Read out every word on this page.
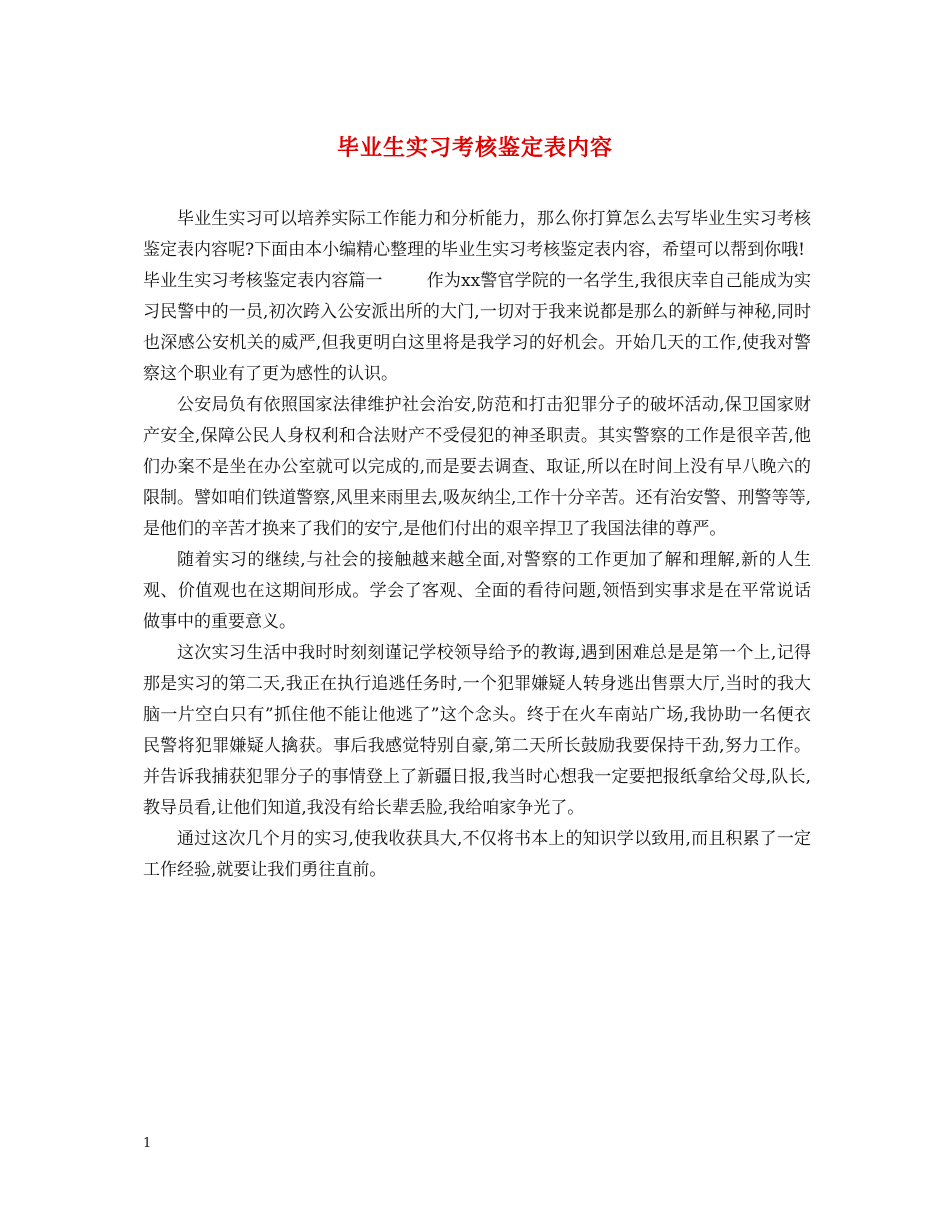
毕业生实习考核鉴定表内容

毕业生实习可以培养实际工作能力和分析能力，那么你打算怎么去写毕业生实习考核鉴定表内容呢?下面由本小编精心整理的毕业生实习考核鉴定表内容，希望可以帮到你哦!

毕业生实习考核鉴定表内容篇一	作为xx警官学院的一名学生,我很庆幸自己能成为实习民警中的一员,初次跨入公安派出所的大门,一切对于我来说都是那么的新鲜与神秘,同时也深感公安机关的威严,但我更明白这里将是我学习的好机会。开始几天的工作,使我对警察这个职业有了更为感性的认识。

公安局负有依照国家法律维护社会治安,防范和打击犯罪分子的破坏活动,保卫国家财产安全,保障公民人身权利和合法财产不受侵犯的神圣职责。其实警察的工作是很辛苦,他们办案不是坐在办公室就可以完成的,而是要去调查、取证,所以在时间上没有早八晚六的限制。譬如咱们铁道警察,风里来雨里去,吸灰纳尘,工作十分辛苦。还有治安警、刑警等等,是他们的辛苦才换来了我们的安宁,是他们付出的艰辛捍卫了我国法律的尊严。

随着实习的继续,与社会的接触越来越全面,对警察的工作更加了解和理解,新的人生观、价值观也在这期间形成。学会了客观、全面的看待问题,领悟到实事求是在平常说话做事中的重要意义。

这次实习生活中我时时刻刻谨记学校领导给予的教诲,遇到困难总是是第一个上,记得那是实习的第二天,我正在执行追逃任务时,一个犯罪嫌疑人转身逃出售票大厅,当时的我大脑一片空白只有”抓住他不能让他逃了”这个念头。终于在火车南站广场,我协助一名便衣民警将犯罪嫌疑人擒获。事后我感觉特别自豪,第二天所长鼓励我要保持干劲,努力工作。并告诉我捕获犯罪分子的事情登上了新疆日报,我当时心想我一定要把报纸拿给父母,队长,教导员看,让他们知道,我没有给长辈丢脸,我给咱家争光了。

通过这次几个月的实习,使我收获具大,不仅将书本上的知识学以致用,而且积累了一定工作经验,就要让我们勇往直前。

1
